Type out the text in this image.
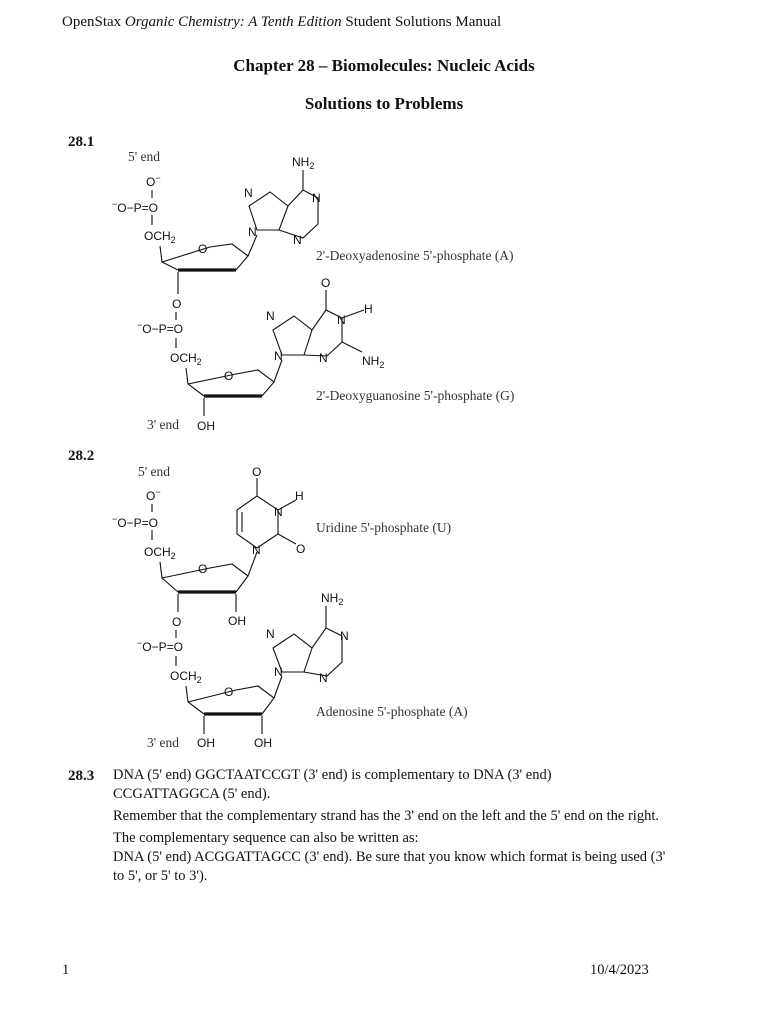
OpenStax Organic Chemistry: A Tenth Edition Student Solutions Manual
Chapter 28 – Biomolecules: Nucleic Acids
Solutions to Problems
28.1
5' end
3' end
2'-Deoxyadenosine 5'-phosphate (A)
2'-Deoxyguanosine 5'-phosphate (G)
O−
−O−P=O
$OCH_2$
O
$NH_2$
N	N
N
N
O
−O−P=O
$OCH_2$
O
OH
O
H
$NH_2$
N	N
N
N
28.2
5' end
3' end
Uridine 5'-phosphate (U)
Adenosine 5'-phosphate (A)
O−
−O−P=O
$OCH_2$
O
OH
O
H
O
N
N
O
−O−P=O
$OCH_2$
O
OH	OH
$NH_2$
N	N
N
N
28.3 DNA (5' end) GGCTAATCCGT (3' end) is complementary to DNA (3' end)

CCGATTAGGCA (5' end).

Remember that the complementary strand has the 3' end on the left and the 5' end on the right.

The complementary sequence can also be written as:

DNA (5' end) ACGGATTAGCC (3' end). Be sure that you know which format is being used (3' to 5', or 5' to 3').

1	10/4/2023
